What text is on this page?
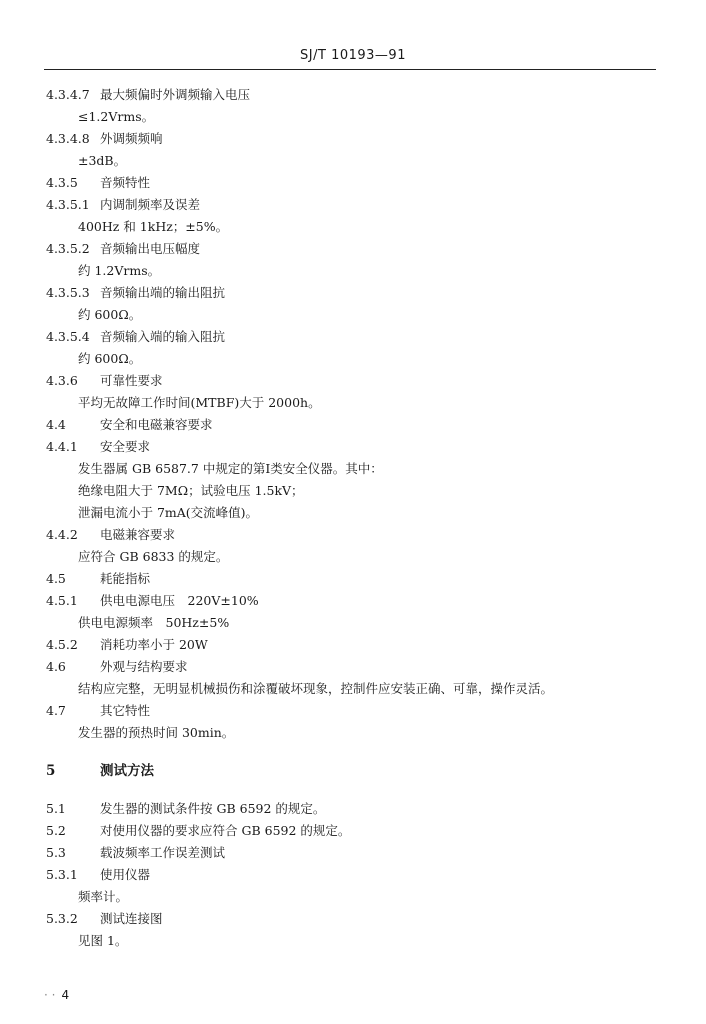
SJ/T 10193—91
4.3.4.7 最大频偏时外调频输入电压
≤1.2Vrms。
4.3.4.8 外调频频响
±3dB。
4.3.5 音频特性
4.3.5.1 内调制频率及误差
400Hz 和 1kHz；±5%。
4.3.5.2 音频输出电压幅度
约 1.2Vrms。
4.3.5.3 音频输出端的输出阻抗
约 600Ω。
4.3.5.4 音频输入端的输入阻抗
约 600Ω。
4.3.6 可靠性要求
平均无故障工作时间(MTBF)大于 2000h。
4.4	安全和电磁兼容要求
4.4.1 安全要求
发生器属 GB 6587.7 中规定的第Ⅰ类安全仪器。其中：
绝缘电阻大于 7MΩ；试验电压 1.5kV；
泄漏电流小于 7mA(交流峰值)。
4.4.2 电磁兼容要求
应符合 GB 6833 的规定。
4.5	耗能指标
4.5.1 供电电源电压　220V±10%
供电电源频率　50Hz±5%
4.5.2 消耗功率小于 20W
4.6	外观与结构要求
结构应完整，无明显机械损伤和涂覆破坏现象，控制件应安装正确、可靠，操作灵活。
4.7	其它特性
发生器的预热时间 30min。
5	测试方法
5.1	发生器的测试条件按 GB 6592 的规定。
5.2	对使用仪器的要求应符合 GB 6592 的规定。
5.3	载波频率工作误差测试
5.3.1 使用仪器
频率计。
5.3.2 测试连接图
见图 1。
· · 4
